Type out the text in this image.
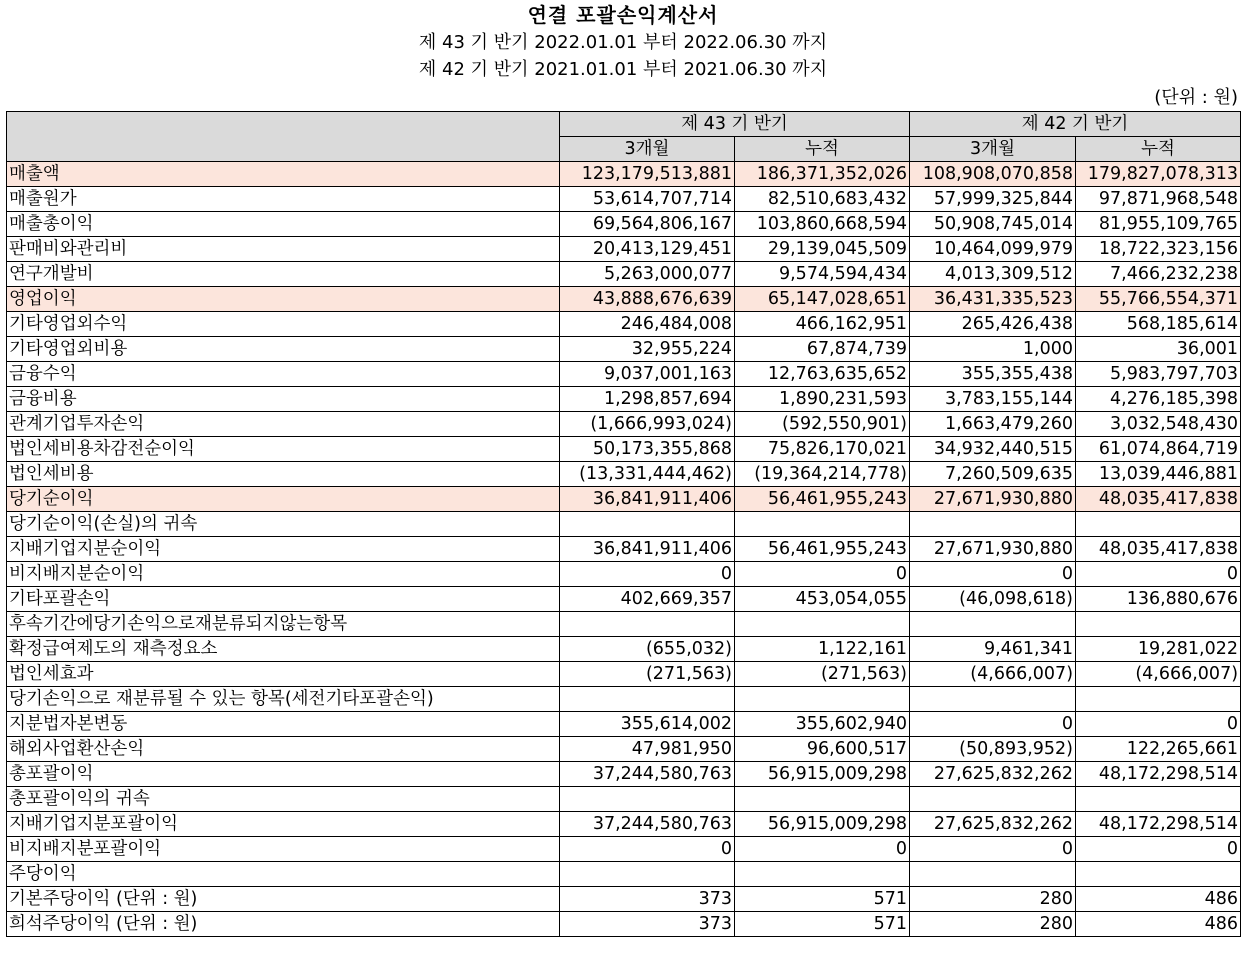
연결 포괄손익계산서
제 43 기 반기 2022.01.01 부터 2022.06.30 까지
제 42 기 반기 2021.01.01 부터 2021.06.30 까지
(단위 : 원)
	제 43 기 반기		제 42 기 반기	
	3개월	누적	3개월	누적
매출액	123,179,513,881	186,371,352,026	108,908,070,858	179,827,078,313
매출원가	53,614,707,714	82,510,683,432	57,999,325,844	97,871,968,548
매출총이익	69,564,806,167	103,860,668,594	50,908,745,014	81,955,109,765
판매비와관리비	20,413,129,451	29,139,045,509	10,464,099,979	18,722,323,156
연구개발비	5,263,000,077	9,574,594,434	4,013,309,512	7,466,232,238
영업이익	43,888,676,639	65,147,028,651	36,431,335,523	55,766,554,371
기타영업외수익	246,484,008	466,162,951	265,426,438	568,185,614
기타영업외비용	32,955,224	67,874,739	1,000	36,001
금융수익	9,037,001,163	12,763,635,652	355,355,438	5,983,797,703
금융비용	1,298,857,694	1,890,231,593	3,783,155,144	4,276,185,398
관계기업투자손익	(1,666,993,024)	(592,550,901)	1,663,479,260	3,032,548,430
법인세비용차감전순이익	50,173,355,868	75,826,170,021	34,932,440,515	61,074,864,719
법인세비용	(13,331,444,462)	(19,364,214,778)	7,260,509,635	13,039,446,881
당기순이익	36,841,911,406	56,461,955,243	27,671,930,880	48,035,417,838
당기순이익(손실)의 귀속				
지배기업지분순이익	36,841,911,406	56,461,955,243	27,671,930,880	48,035,417,838
비지배지분순이익	0	0	0	0
기타포괄손익	402,669,357	453,054,055	(46,098,618)	136,880,676
후속기간에당기손익으로재분류되지않는항목				
확정급여제도의 재측정요소	(655,032)	1,122,161	9,461,341	19,281,022
법인세효과	(271,563)	(271,563)	(4,666,007)	(4,666,007)
당기손익으로 재분류될 수 있는 항목(세전기타포괄손익)				
지분법자본변동	355,614,002	355,602,940	0	0
해외사업환산손익	47,981,950	96,600,517	(50,893,952)	122,265,661
총포괄이익	37,244,580,763	56,915,009,298	27,625,832,262	48,172,298,514
총포괄이익의 귀속				
지배기업지분포괄이익	37,244,580,763	56,915,009,298	27,625,832,262	48,172,298,514
비지배지분포괄이익	0	0	0	0
주당이익				
기본주당이익 (단위 : 원)	373	571	280	486
희석주당이익 (단위 : 원)	373	571	280	486
